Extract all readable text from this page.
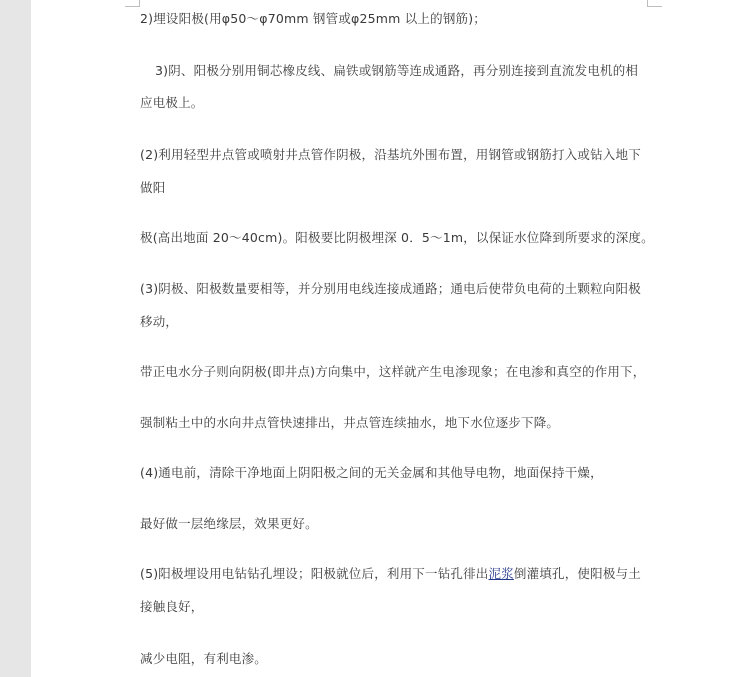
2)埋设阳极(用φ50～φ70mm 钢管或φ25mm 以上的钢筋)；
3)阴、阳极分别用铜芯橡皮线、扁铁或钢筋等连成通路，再分别连接到直流发电机的相
应电极上。
(2)利用轻型井点管或喷射井点管作阴极，沿基坑外围布置，用钢管或钢筋打入或钻入地下
做阳
极(高出地面 20～40cm)。阳极要比阴极埋深 0．5～1m，以保证水位降到所要求的深度。
(3)阴极、阳极数量要相等，并分别用电线连接成通路；通电后使带负电荷的土颗粒向阳极
移动，
带正电水分子则向阴极(即井点)方向集中，这样就产生电渗现象；在电渗和真空的作用下，
强制粘土中的水向井点管快速排出，井点管连续抽水，地下水位逐步下降。
(4)通电前，清除干净地面上阴阳极之间的无关金属和其他导电物，地面保持干燥，
最好做一层绝缘层，效果更好。
(5)阳极埋设用电钻钻孔埋设；阳极就位后，利用下一钻孔徘出泥浆倒灌填孔，使阳极与土
接触良好，
减少电阻，有利电渗。
